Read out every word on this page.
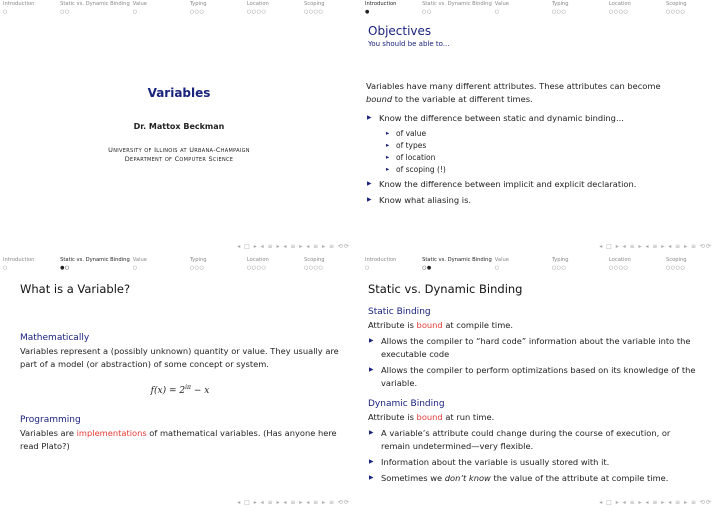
Introduction
○
Static vs. Dynamic Binding
○○
Value
○
Typing
○○○
Location
○○○○
Scoping
○○○○
Variables
Dr. Mattox Beckman
University of Illinois at Urbana-Champaign
Department of Computer Science
◂ □ ▸ ◂ ≡ ▸ ◂ ≡ ▸ ◂ ≡ ▸ ≡ ⟲⟳
Introduction
●
Static vs. Dynamic Binding
○○
Value
○
Typing
○○○
Location
○○○○
Scoping
○○○○
Objectives
You should be able to...
Variables have many different attributes. These attributes can become
bound to the variable at different times.
▶ Know the difference between static and dynamic binding...
▸ of value
▸ of types
▸ of location
▸ of scoping (!)
▶ Know the difference between implicit and explicit declaration.
▶ Know what aliasing is.
◂ □ ▸ ◂ ≡ ▸ ◂ ≡ ▸ ◂ ≡ ▸ ≡ ⟲⟳
Introduction
○
Static vs. Dynamic Binding
●○
Value
○
Typing
○○○
Location
○○○○
Scoping
○○○○
What is a Variable?
Mathematically
Variables represent a (possibly unknown) quantity or value. They usually are part of a model (or abstraction) of some concept or system.
$f(x) = 2^{i\pi} - x$
Programming
Variables are implementations of mathematical variables. (Has anyone here read Plato?)
◂ □ ▸ ◂ ≡ ▸ ◂ ≡ ▸ ◂ ≡ ▸ ≡ ⟲⟳
Introduction
○
Static vs. Dynamic Binding
○●
Value
○
Typing
○○○
Location
○○○○
Scoping
○○○○
Static vs. Dynamic Binding
Static Binding
Attribute is bound at compile time.
▶ Allows the compiler to “hard code” information about the variable into the executable code
▶ Allows the compiler to perform optimizations based on its knowledge of the variable.
Dynamic Binding
Attribute is bound at run time.
▶ A variable’s attribute could change during the course of execution, or remain undetermined—very flexible.
▶ Information about the variable is usually stored with it.
▶ Sometimes we don’t know the value of the attribute at compile time.
◂ □ ▸ ◂ ≡ ▸ ◂ ≡ ▸ ◂ ≡ ▸ ≡ ⟲⟳
